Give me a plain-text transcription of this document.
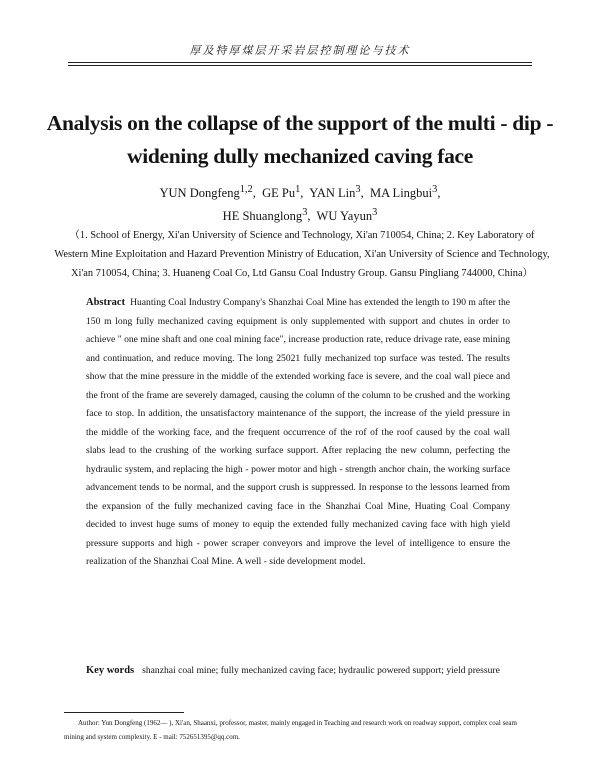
厚及特厚煤层开采岩层控制理论与技术
Analysis on the collapse of the support of the multi - dip - widening dully mechanized caving face
YUN Dongfeng$^{1,2}$,  GE Pu$^1$,  YAN Lin$^3$,  MA Lingbui$^3$,
HE Shuanglong$^3$,  WU Yayun$^3$
（1. School of Energy, Xi'an University of Science and Technology, Xi'an 710054, China; 2. Key Laboratory of Western Mine Exploitation and Hazard Prevention Ministry of Education, Xi'an University of Science and Technology, Xi'an 710054, China; 3. Huaneng Coal Co, Ltd Gansu Coal Industry Group. Gansu Pingliang 744000, China）
Abstract Huanting Coal Industry Company's Shanzhai Coal Mine has extended the length to 190 m after the 150 m long fully mechanized caving equipment is only supplemented with support and chutes in order to achieve " one mine shaft and one coal mining face", increase production rate, reduce drivage rate, ease mining and continuation, and reduce moving. The long 25021 fully mechanized top surface was tested. The results show that the mine pressure in the middle of the extended working face is severe, and the coal wall piece and the front of the frame are severely damaged, causing the column of the column to be crushed and the working face to stop. In addition, the unsatisfactory maintenance of the support, the increase of the yield pressure in the middle of the working face, and the frequent occurrence of the rof of the roof caused by the coal wall slabs lead to the crushing of the working surface support. After replacing the new column, perfecting the hydraulic system, and replacing the high - power motor and high - strength anchor chain, the working surface advancement tends to be normal, and the support crush is suppressed. In response to the lessons learned from the expansion of the fully mechanized caving face in the Shanzhai Coal Mine, Huating Coal Company decided to invest huge sums of money to equip the extended fully mechanized caving face with high yield pressure supports and high - power scraper conveyors and improve the level of intelligence to ensure the realization of the Shanzhai Coal Mine. A well - side development model.
Key words shanzhai coal mine; fully mechanized caving face; hydraulic powered support; yield pressure
Author: Yun Dongfeng (1962— ), Xi'an, Shaanxi, professor, master, mainly engaged in Teaching and research work on roadway support, complex coal seam mining and system complexity. E - mail: 752651395@qq.com.
